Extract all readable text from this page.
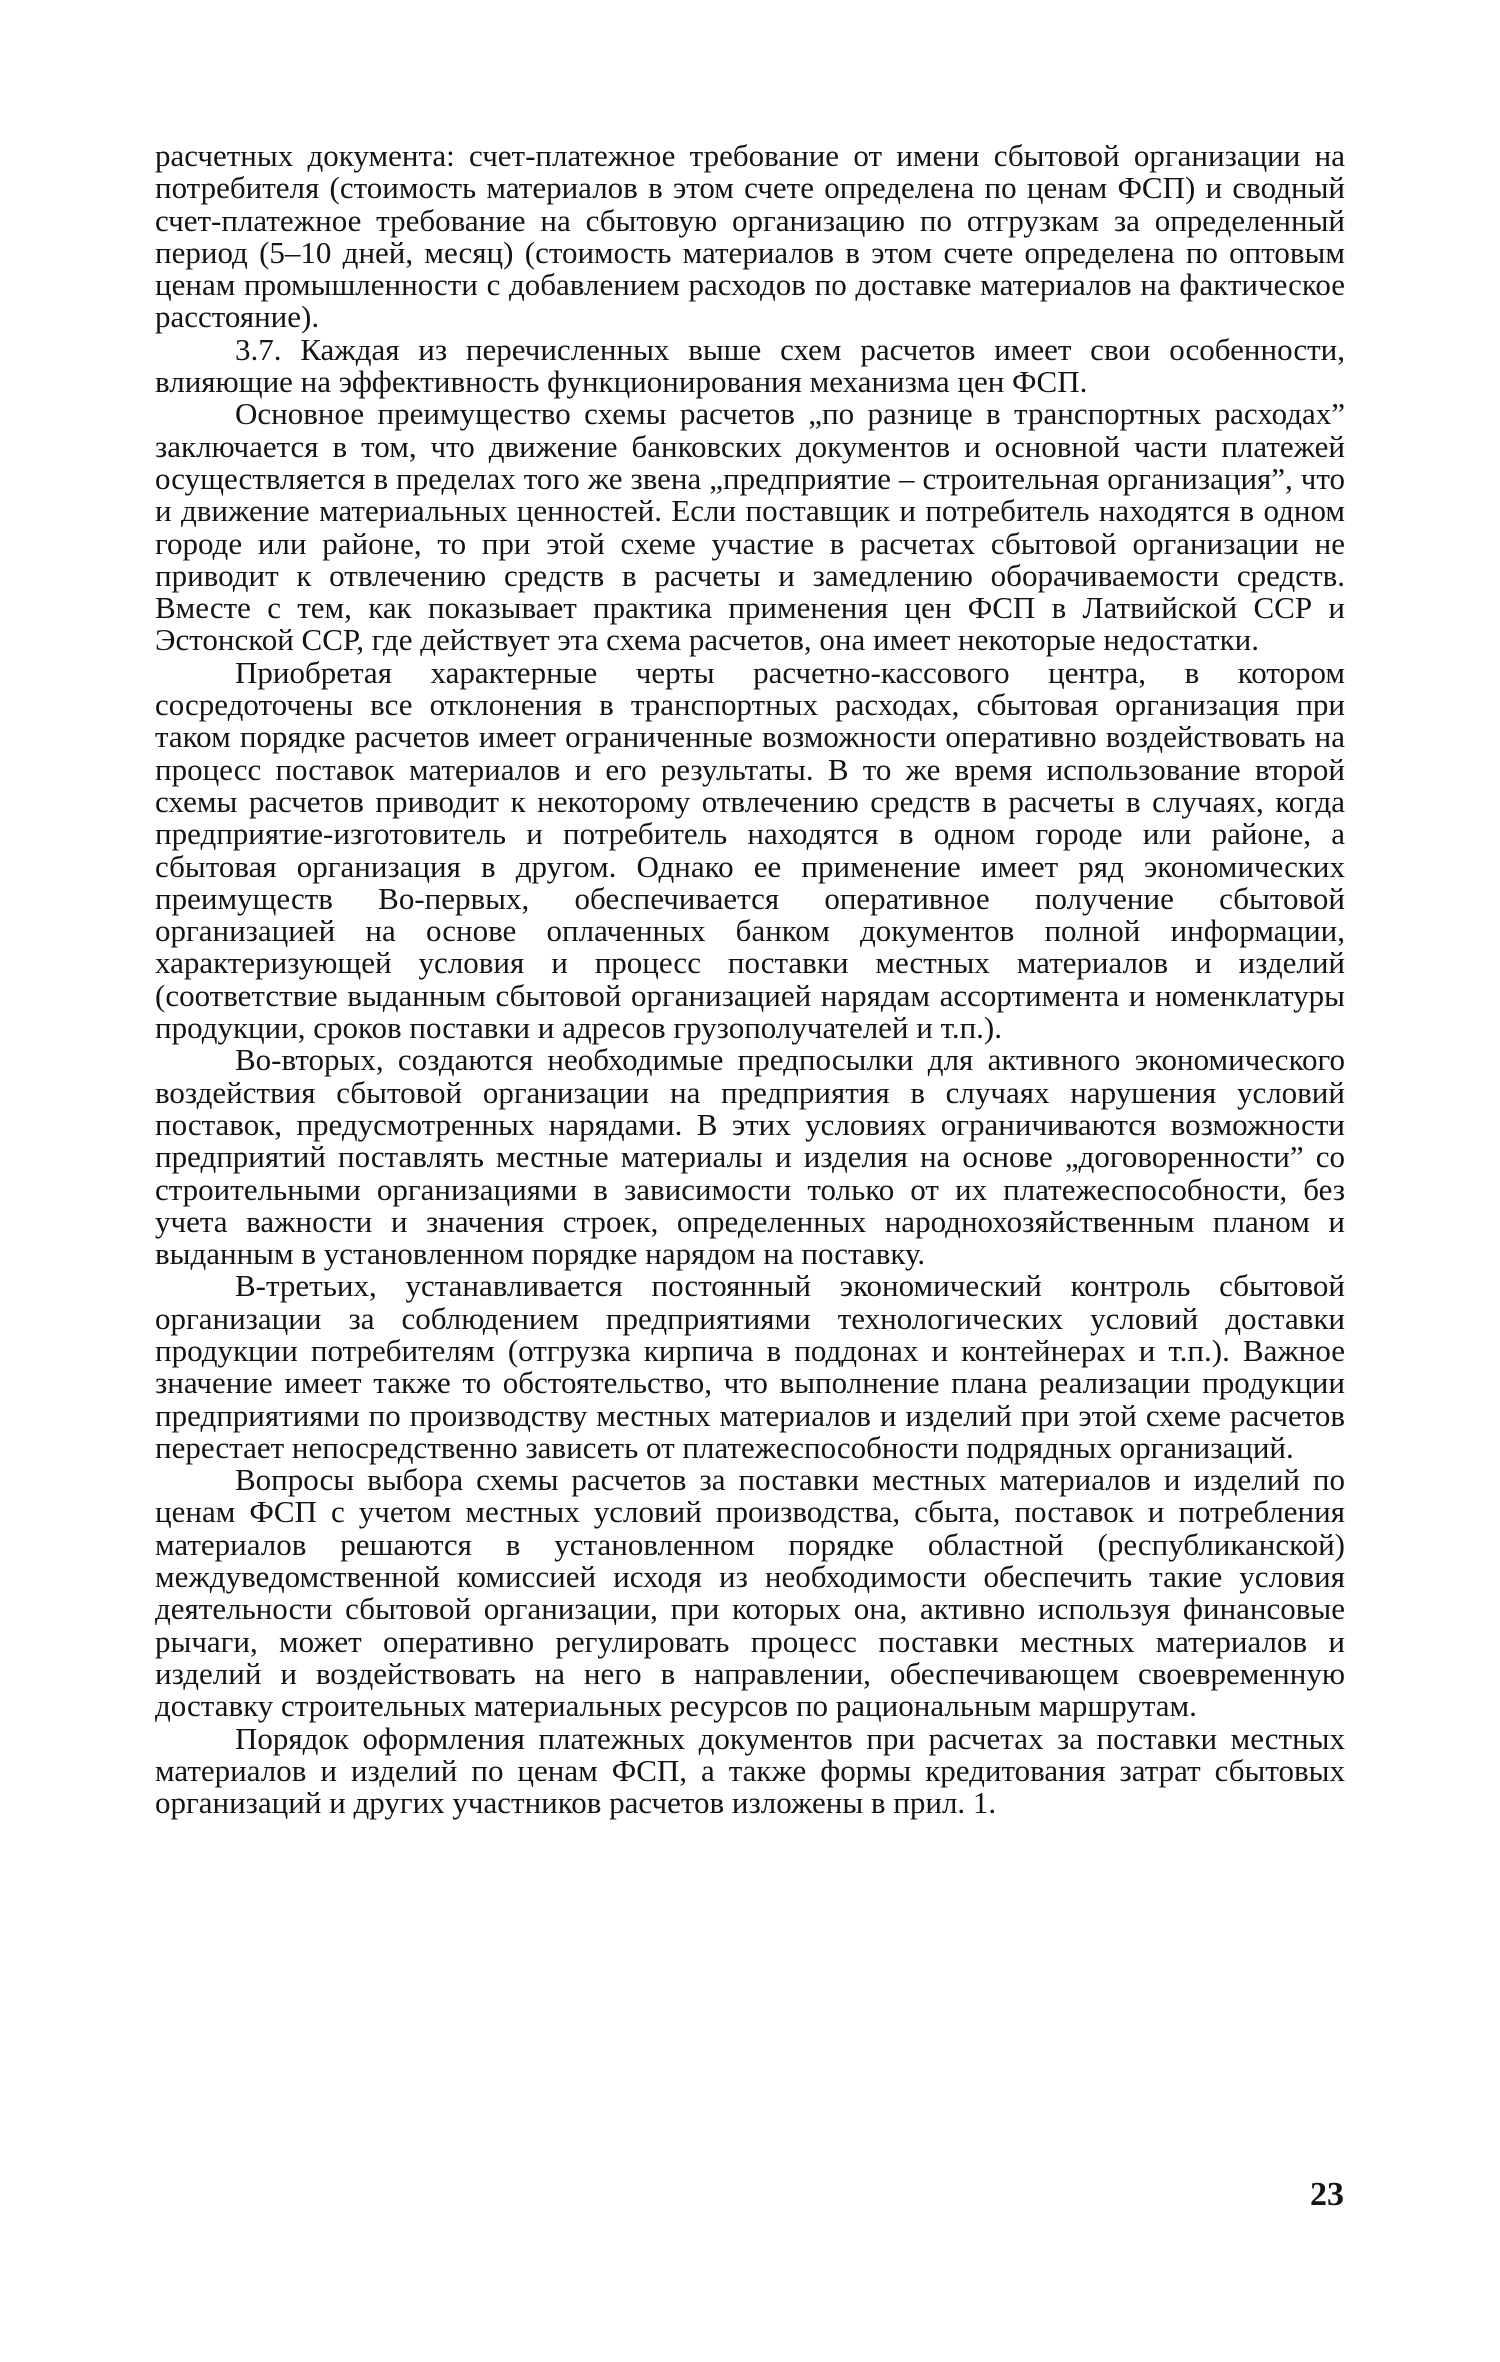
расчетных документа: счет-платежное требование от имени сбытовой организации на потребителя (стоимость материалов в этом счете определена по ценам ФСП) и сводный счет-платежное требование на сбытовую организацию по отгрузкам за определенный период (5–10 дней, месяц) (стоимость материалов в этом счете определена по оптовым ценам промышленности с добавлением расходов по доставке материалов на фактическое расстояние).

3.7. Каждая из перечисленных выше схем расчетов имеет свои особенности, влияющие на эффективность функционирования механизма цен ФСП.

Основное преимущество схемы расчетов „по разнице в транспортных расходах” заключается в том, что движение банковских документов и основной части платежей осуществляется в пределах того же звена „предприятие – строительная организация”, что и движение материальных ценностей. Если поставщик и потребитель находятся в одном городе или районе, то при этой схеме участие в расчетах сбытовой организации не приводит к отвлечению средств в расчеты и замедлению оборачиваемости средств. Вместе с тем, как показывает практика применения цен ФСП в Латвийской ССР и Эстонской ССР, где действует эта схема расчетов, она имеет некоторые недостатки.

Приобретая характерные черты расчетно-кассового центра, в котором сосредоточены все отклонения в транспортных расходах, сбытовая организация при таком порядке расчетов имеет ограниченные возможности оперативно воздействовать на процесс поставок материалов и его результаты. В то же время использование второй схемы расчетов приводит к некоторому отвлечению средств в расчеты в случаях, когда предприятие-изготовитель и потребитель находятся в одном городе или районе, а сбытовая организация в другом. Однако ее применение имеет ряд экономических преимуществ Во-первых, обеспечивается оперативное получение сбытовой организацией на основе оплаченных банком документов полной информации, характеризующей условия и процесс поставки местных материалов и изделий (соответствие выданным сбытовой организацией нарядам ассортимента и номенклатуры продукции, сроков поставки и адресов грузополучателей и т.п.).

Во-вторых, создаются необходимые предпосылки для активного экономического воздействия сбытовой организации на предприятия в случаях нарушения условий поставок, предусмотренных нарядами. В этих условиях ограничиваются возможности предприятий поставлять местные материалы и изделия на основе „договоренности” со строительными организациями в зависимости только от их платежеспособности, без учета важности и значения строек, определенных народнохозяйственным планом и выданным в установленном порядке нарядом на поставку.

В-третьих, устанавливается постоянный экономический контроль сбытовой организации за соблюдением предприятиями технологических условий доставки продукции потребителям (отгрузка кирпича в поддонах и контейнерах и т.п.). Важное значение имеет также то обстоятельство, что выполнение плана реализации продукции предприятиями по производству местных материалов и изделий при этой схеме расчетов перестает непосредственно зависеть от платежеспособности подрядных организаций.

Вопросы выбора схемы расчетов за поставки местных материалов и изделий по ценам ФСП с учетом местных условий производства, сбыта, поставок и потребления материалов решаются в установленном порядке областной (республиканской) междуведомственной комиссией исходя из необходимости обеспечить такие условия деятельности сбытовой организации, при которых она, активно используя финансовые рычаги, может оперативно регулировать процесс поставки местных материалов и изделий и воздействовать на него в направлении, обеспечивающем своевременную доставку строительных материальных ресурсов по рациональным маршрутам.

Порядок оформления платежных документов при расчетах за поставки местных материалов и изделий по ценам ФСП, а также формы кредитования затрат сбытовых организаций и других участников расчетов изложены в прил. 1.

23
